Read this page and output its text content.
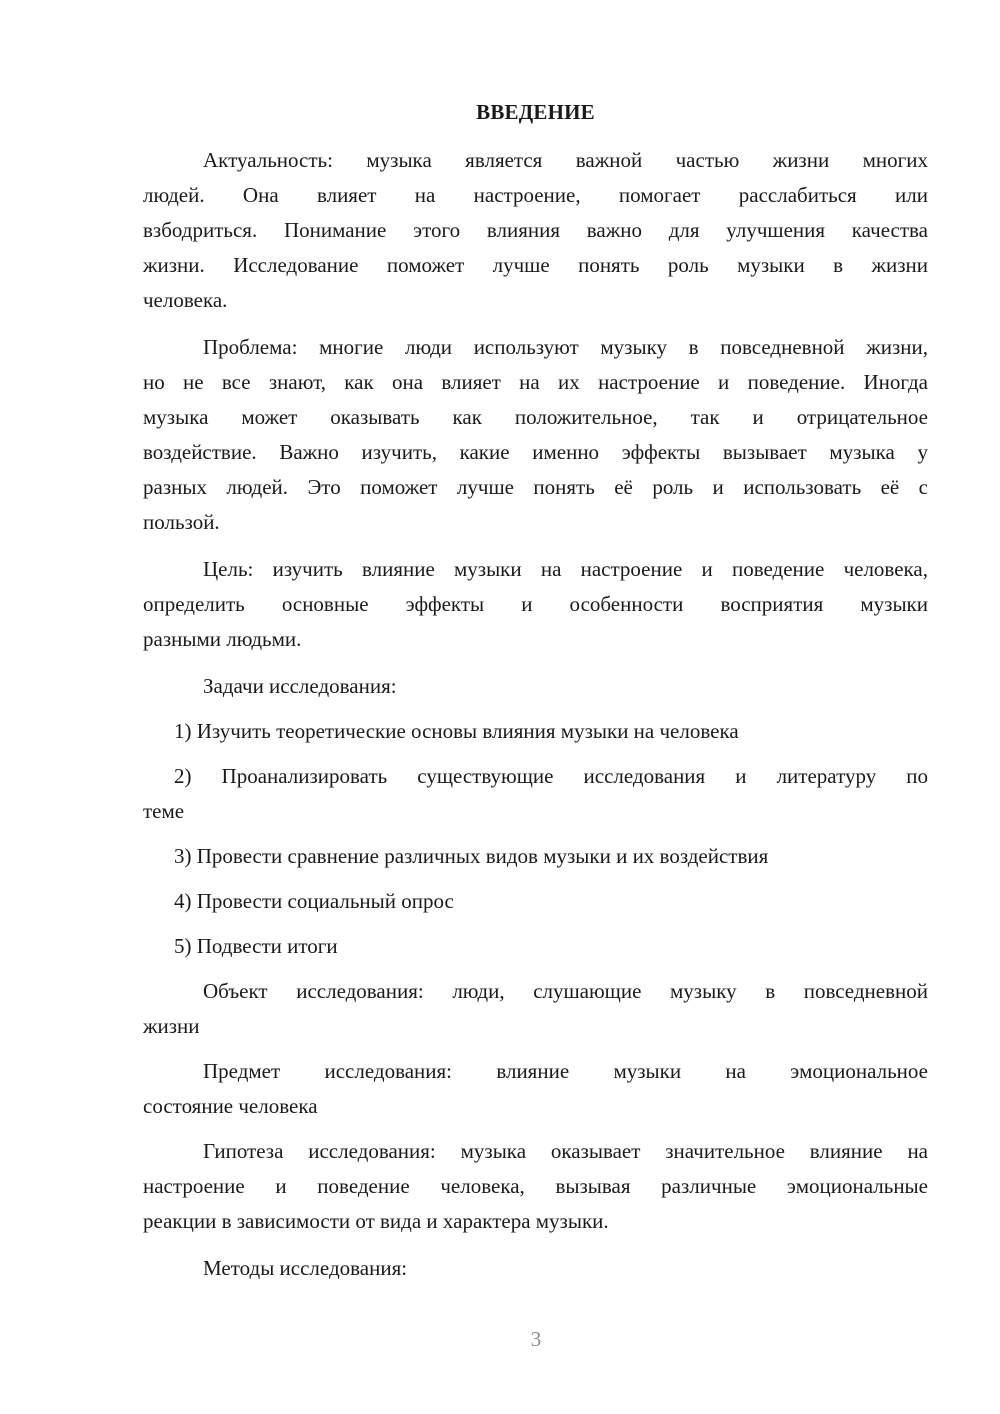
ВВЕДЕНИЕ
Актуальность: музыка является важной частью жизни многих
людей. Она влияет на настроение, помогает расслабиться или
взбодриться. Понимание этого влияния важно для улучшения качества
жизни. Исследование поможет лучше понять роль музыки в жизни
человека.
Проблема: многие люди используют музыку в повседневной жизни,
но не все знают, как она влияет на их настроение и поведение. Иногда
музыка может оказывать как положительное, так и отрицательное
воздействие. Важно изучить, какие именно эффекты вызывает музыка у
разных людей. Это поможет лучше понять её роль и использовать её с
пользой.
Цель: изучить влияние музыки на настроение и поведение человека,
определить основные эффекты и особенности восприятия музыки
разными людьми.
Задачи исследования:
1) Изучить теоретические основы влияния музыки на человека
2) Проанализировать существующие исследования и литературу по
теме
3) Провести сравнение различных видов музыки и их воздействия
4) Провести социальный опрос
5) Подвести итоги
Объект исследования: люди, слушающие музыку в повседневной
жизни
Предмет исследования: влияние музыки на эмоциональное
состояние человека
Гипотеза исследования: музыка оказывает значительное влияние на
настроение и поведение человека, вызывая различные эмоциональные
реакции в зависимости от вида и характера музыки.
Методы исследования:
3
